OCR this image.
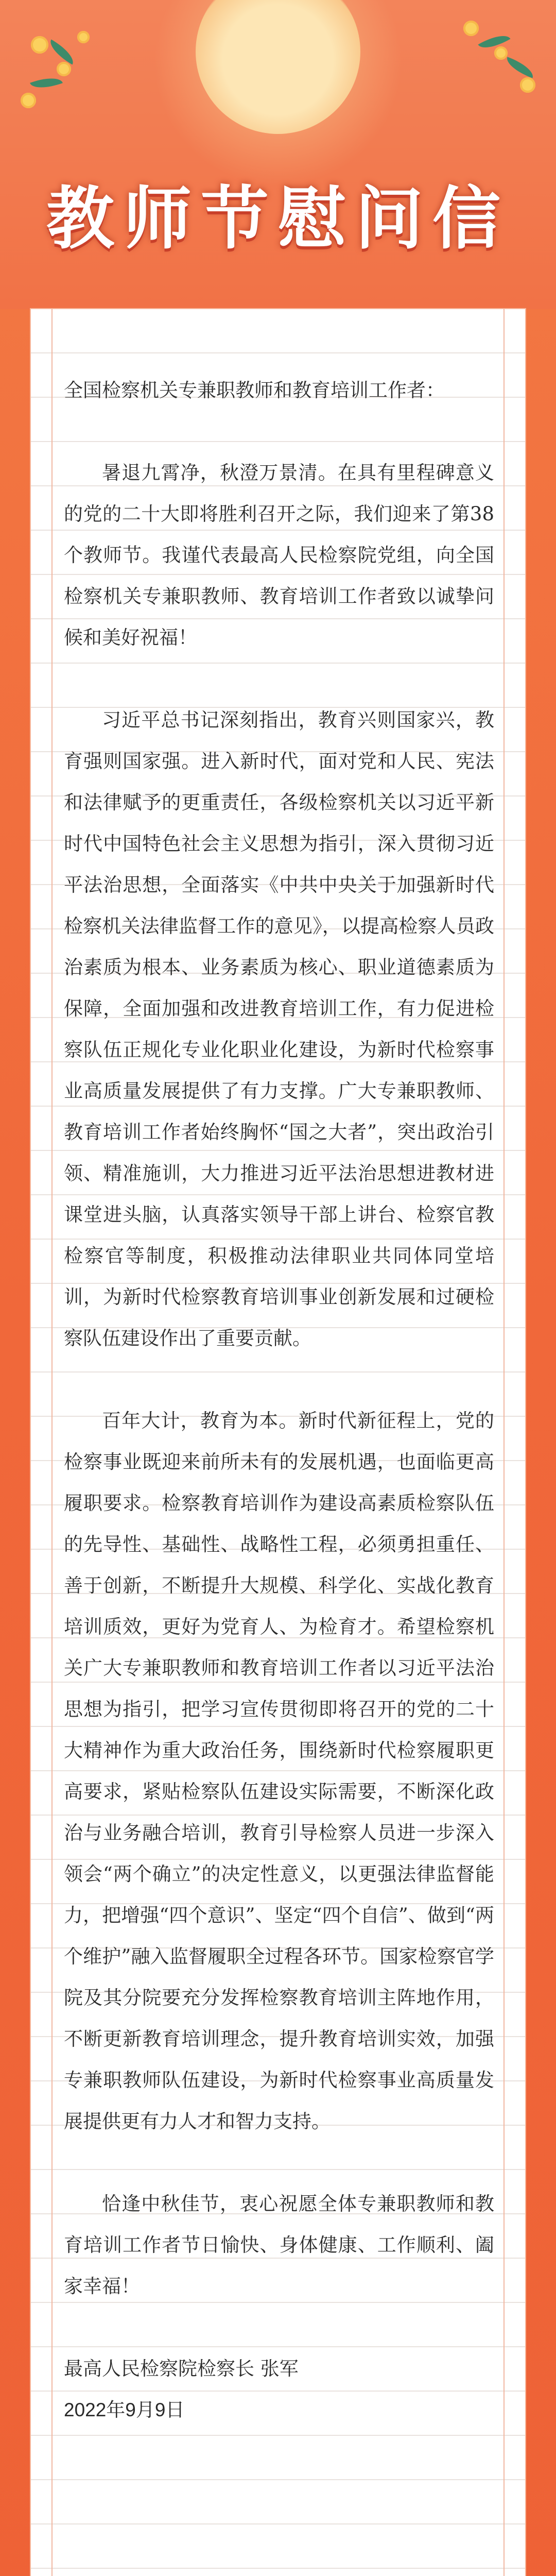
教师节慰问信

全国检察机关专兼职教师和教育培训工作者：

暑退九霄净，秋澄万景清。在具有里程碑意义的党的二十大即将胜利召开之际，我们迎来了第38个教师节。我谨代表最高人民检察院党组，向全国检察机关专兼职教师、教育培训工作者致以诚挚问候和美好祝福！

习近平总书记深刻指出，教育兴则国家兴，教育强则国家强。进入新时代，面对党和人民、宪法和法律赋予的更重责任，各级检察机关以习近平新时代中国特色社会主义思想为指引，深入贯彻习近平法治思想，全面落实《中共中央关于加强新时代检察机关法律监督工作的意见》，以提高检察人员政治素质为根本、业务素质为核心、职业道德素质为保障，全面加强和改进教育培训工作，有力促进检察队伍正规化专业化职业化建设，为新时代检察事业高质量发展提供了有力支撑。广大专兼职教师、教育培训工作者始终胸怀“国之大者”，突出政治引领、精准施训，大力推进习近平法治思想进教材进课堂进头脑，认真落实领导干部上讲台、检察官教检察官等制度，积极推动法律职业共同体同堂培训，为新时代检察教育培训事业创新发展和过硬检察队伍建设作出了重要贡献。

百年大计，教育为本。新时代新征程上，党的检察事业既迎来前所未有的发展机遇，也面临更高履职要求。检察教育培训作为建设高素质检察队伍的先导性、基础性、战略性工程，必须勇担重任、善于创新，不断提升大规模、科学化、实战化教育培训质效，更好为党育人、为检育才。希望检察机关广大专兼职教师和教育培训工作者以习近平法治思想为指引，把学习宣传贯彻即将召开的党的二十大精神作为重大政治任务，围绕新时代检察履职更高要求，紧贴检察队伍建设实际需要，不断深化政治与业务融合培训，教育引导检察人员进一步深入领会“两个确立”的决定性意义，以更强法律监督能力，把增强“四个意识”、坚定“四个自信”、做到“两个维护”融入监督履职全过程各环节。国家检察官学院及其分院要充分发挥检察教育培训主阵地作用，不断更新教育培训理念，提升教育培训实效，加强专兼职教师队伍建设，为新时代检察事业高质量发展提供更有力人才和智力支持。

恰逢中秋佳节，衷心祝愿全体专兼职教师和教育培训工作者节日愉快、身体健康、工作顺利、阖家幸福！

最高人民检察院检察长 张军

2022年9月9日
